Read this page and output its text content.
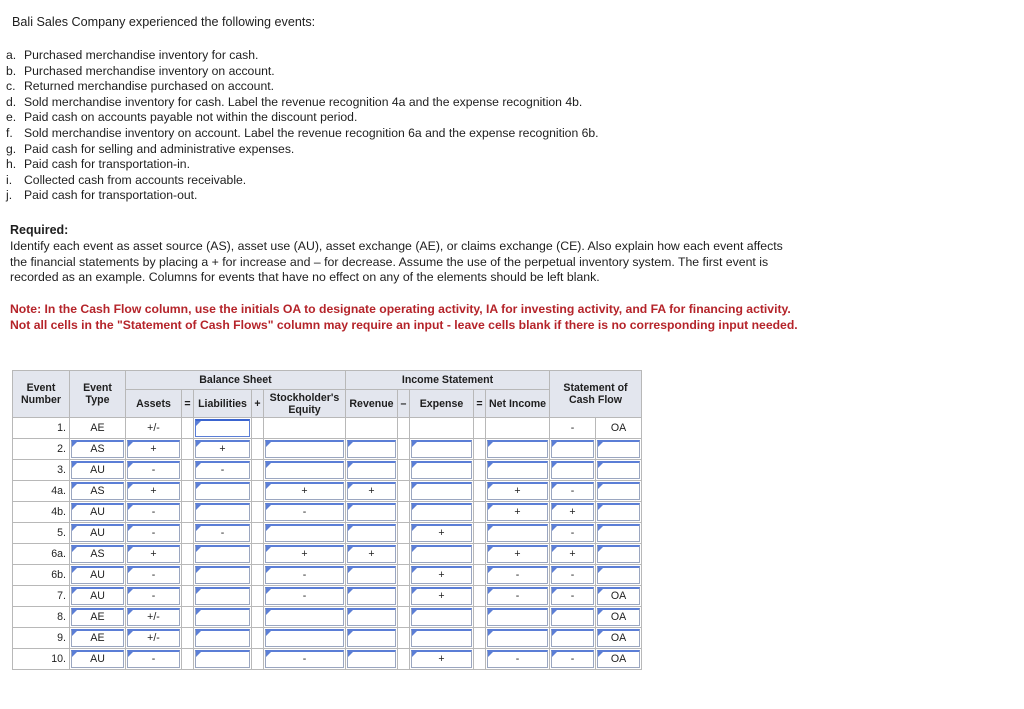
Bali Sales Company experienced the following events:

a. Purchased merchandise inventory for cash.
b. Purchased merchandise inventory on account.
c. Returned merchandise purchased on account.
d. Sold merchandise inventory for cash. Label the revenue recognition 4a and the expense recognition 4b.
e. Paid cash on accounts payable not within the discount period.
f. Sold merchandise inventory on account. Label the revenue recognition 6a and the expense recognition 6b.
g. Paid cash for selling and administrative expenses.
h. Paid cash for transportation-in.
i. Collected cash from accounts receivable.
j. Paid cash for transportation-out.
Required:

Identify each event as asset source (AS), asset use (AU), asset exchange (AE), or claims exchange (CE). Also explain how each event affects the financial statements by placing a + for increase and – for decrease. Assume the use of the perpetual inventory system. The first event is recorded as an example. Columns for events that have no effect on any of the elements should be left blank.

Note: In the Cash Flow column, use the initials OA to designate operating activity, IA for investing activity, and FA for financing activity. Not all cells in the "Statement of Cash Flows" column may require an input - leave cells blank if there is no corresponding input needed.

Event Number	Event Type	Balance Sheet					Income Statement					Statement of Cash Flow	
		Assets	=	Liabilities	+	Stockholder's Equity	Revenue	–	Expense	=	Net Income		
1.	AE	+/-										-	OA

2.	AS	+		+									

3.	AU	-		-									

4a.	AS	+				+	+				+	-	

4b.	AU	-				-					+	+	

5.	AU	-		-					+			-	

6a.	AS	+				+	+				+	+	

6b.	AU	-				-			+		-	-	

7.	AU	-				-			+		-	-	OA

8.	AE	+/-											OA

9.	AE	+/-											OA

10.	AU	-				-			+		-	-	OA
